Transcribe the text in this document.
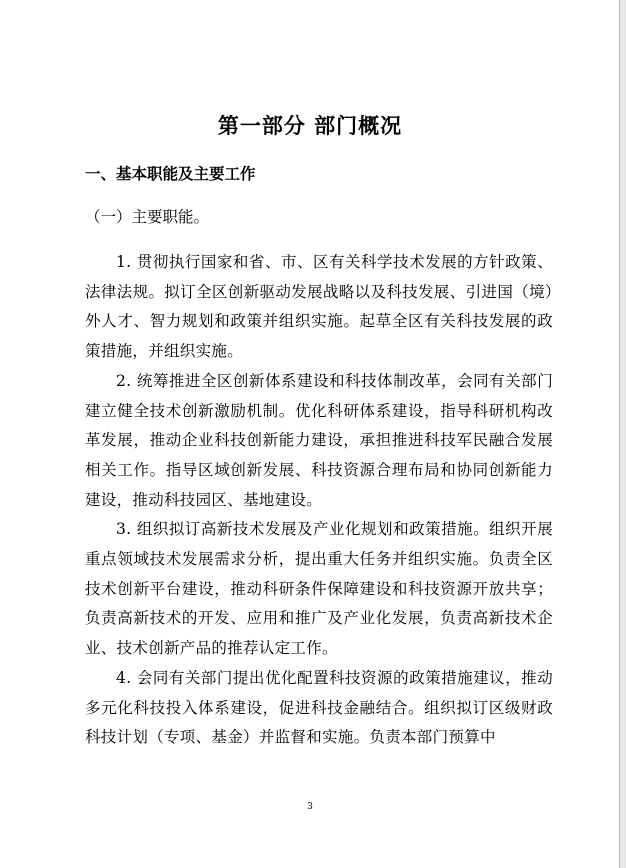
第一部分 部门概况
一、基本职能及主要工作
（一）主要职能。

1. 贯彻执行国家和省、市、区有关科学技术发展的方针政策、法律法规。拟订全区创新驱动发展战略以及科技发展、引进国（境）外人才、智力规划和政策并组织实施。起草全区有关科技发展的政策措施，并组织实施。

2. 统筹推进全区创新体系建设和科技体制改革，会同有关部门建立健全技术创新激励机制。优化科研体系建设，指导科研机构改革发展，推动企业科技创新能力建设，承担推进科技军民融合发展相关工作。指导区域创新发展、科技资源合理布局和协同创新能力建设，推动科技园区、基地建设。

3. 组织拟订高新技术发展及产业化规划和政策措施。组织开展重点领域技术发展需求分析，提出重大任务并组织实施。负责全区技术创新平台建设，推动科研条件保障建设和科技资源开放共享；负责高新技术的开发、应用和推广及产业化发展，负责高新技术企业、技术创新产品的推荐认定工作。

4. 会同有关部门提出优化配置科技资源的政策措施建议，推动多元化科技投入体系建设，促进科技金融结合。组织拟订区级财政科技计划（专项、基金）并监督和实施。负责本部门预算中

3
